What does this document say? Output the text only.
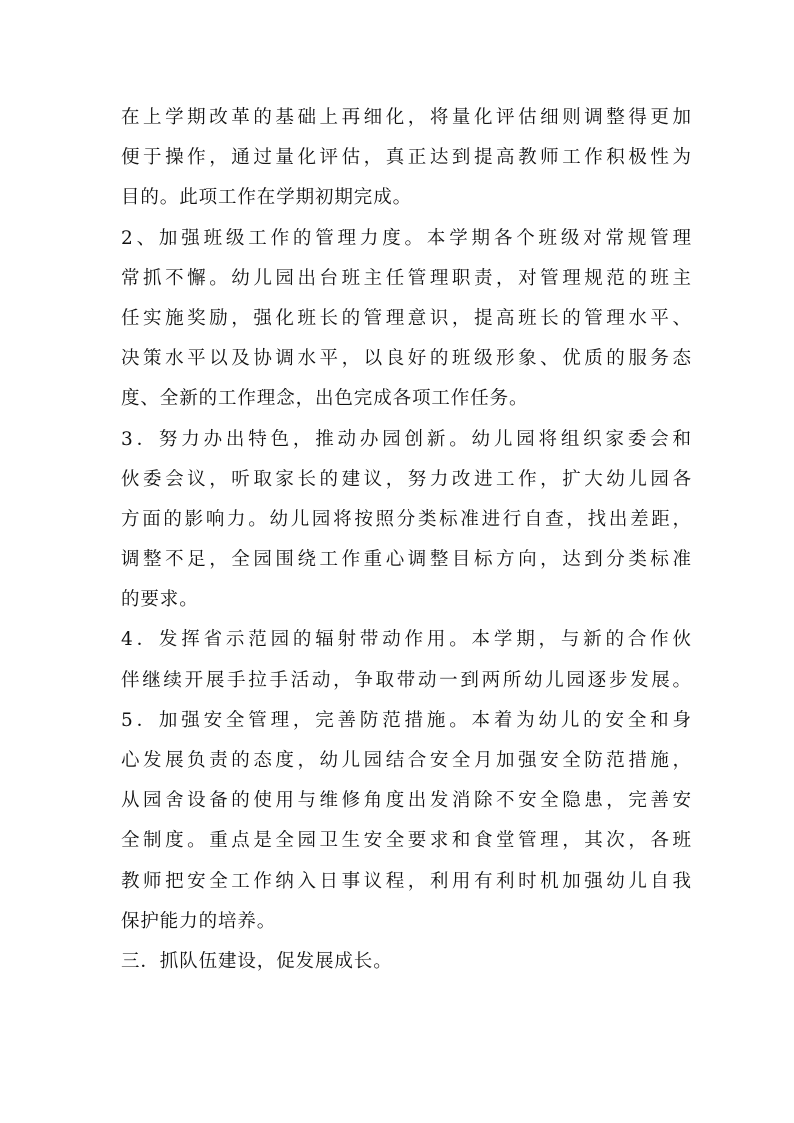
在上学期改革的基础上再细化，将量化评估细则调整得更加
便于操作，通过量化评估，真正达到提高教师工作积极性为
目的。此项工作在学期初期完成。
2、加强班级工作的管理力度。本学期各个班级对常规管理
常抓不懈。幼儿园出台班主任管理职责，对管理规范的班主
任实施奖励，强化班长的管理意识，提高班长的管理水平、
决策水平以及协调水平，以良好的班级形象、优质的服务态
度、全新的工作理念，出色完成各项工作任务。
3．努力办出特色，推动办园创新。幼儿园将组织家委会和
伙委会议，听取家长的建议，努力改进工作，扩大幼儿园各
方面的影响力。幼儿园将按照分类标准进行自查，找出差距，
调整不足，全园围绕工作重心调整目标方向，达到分类标准
的要求。
4．发挥省示范园的辐射带动作用。本学期，与新的合作伙
伴继续开展手拉手活动，争取带动一到两所幼儿园逐步发展。
5．加强安全管理，完善防范措施。本着为幼儿的安全和身
心发展负责的态度，幼儿园结合安全月加强安全防范措施，
从园舍设备的使用与维修角度出发消除不安全隐患，完善安
全制度。重点是全园卫生安全要求和食堂管理，其次，各班
教师把安全工作纳入日事议程，利用有利时机加强幼儿自我
保护能力的培养。
三．抓队伍建设，促发展成长。
